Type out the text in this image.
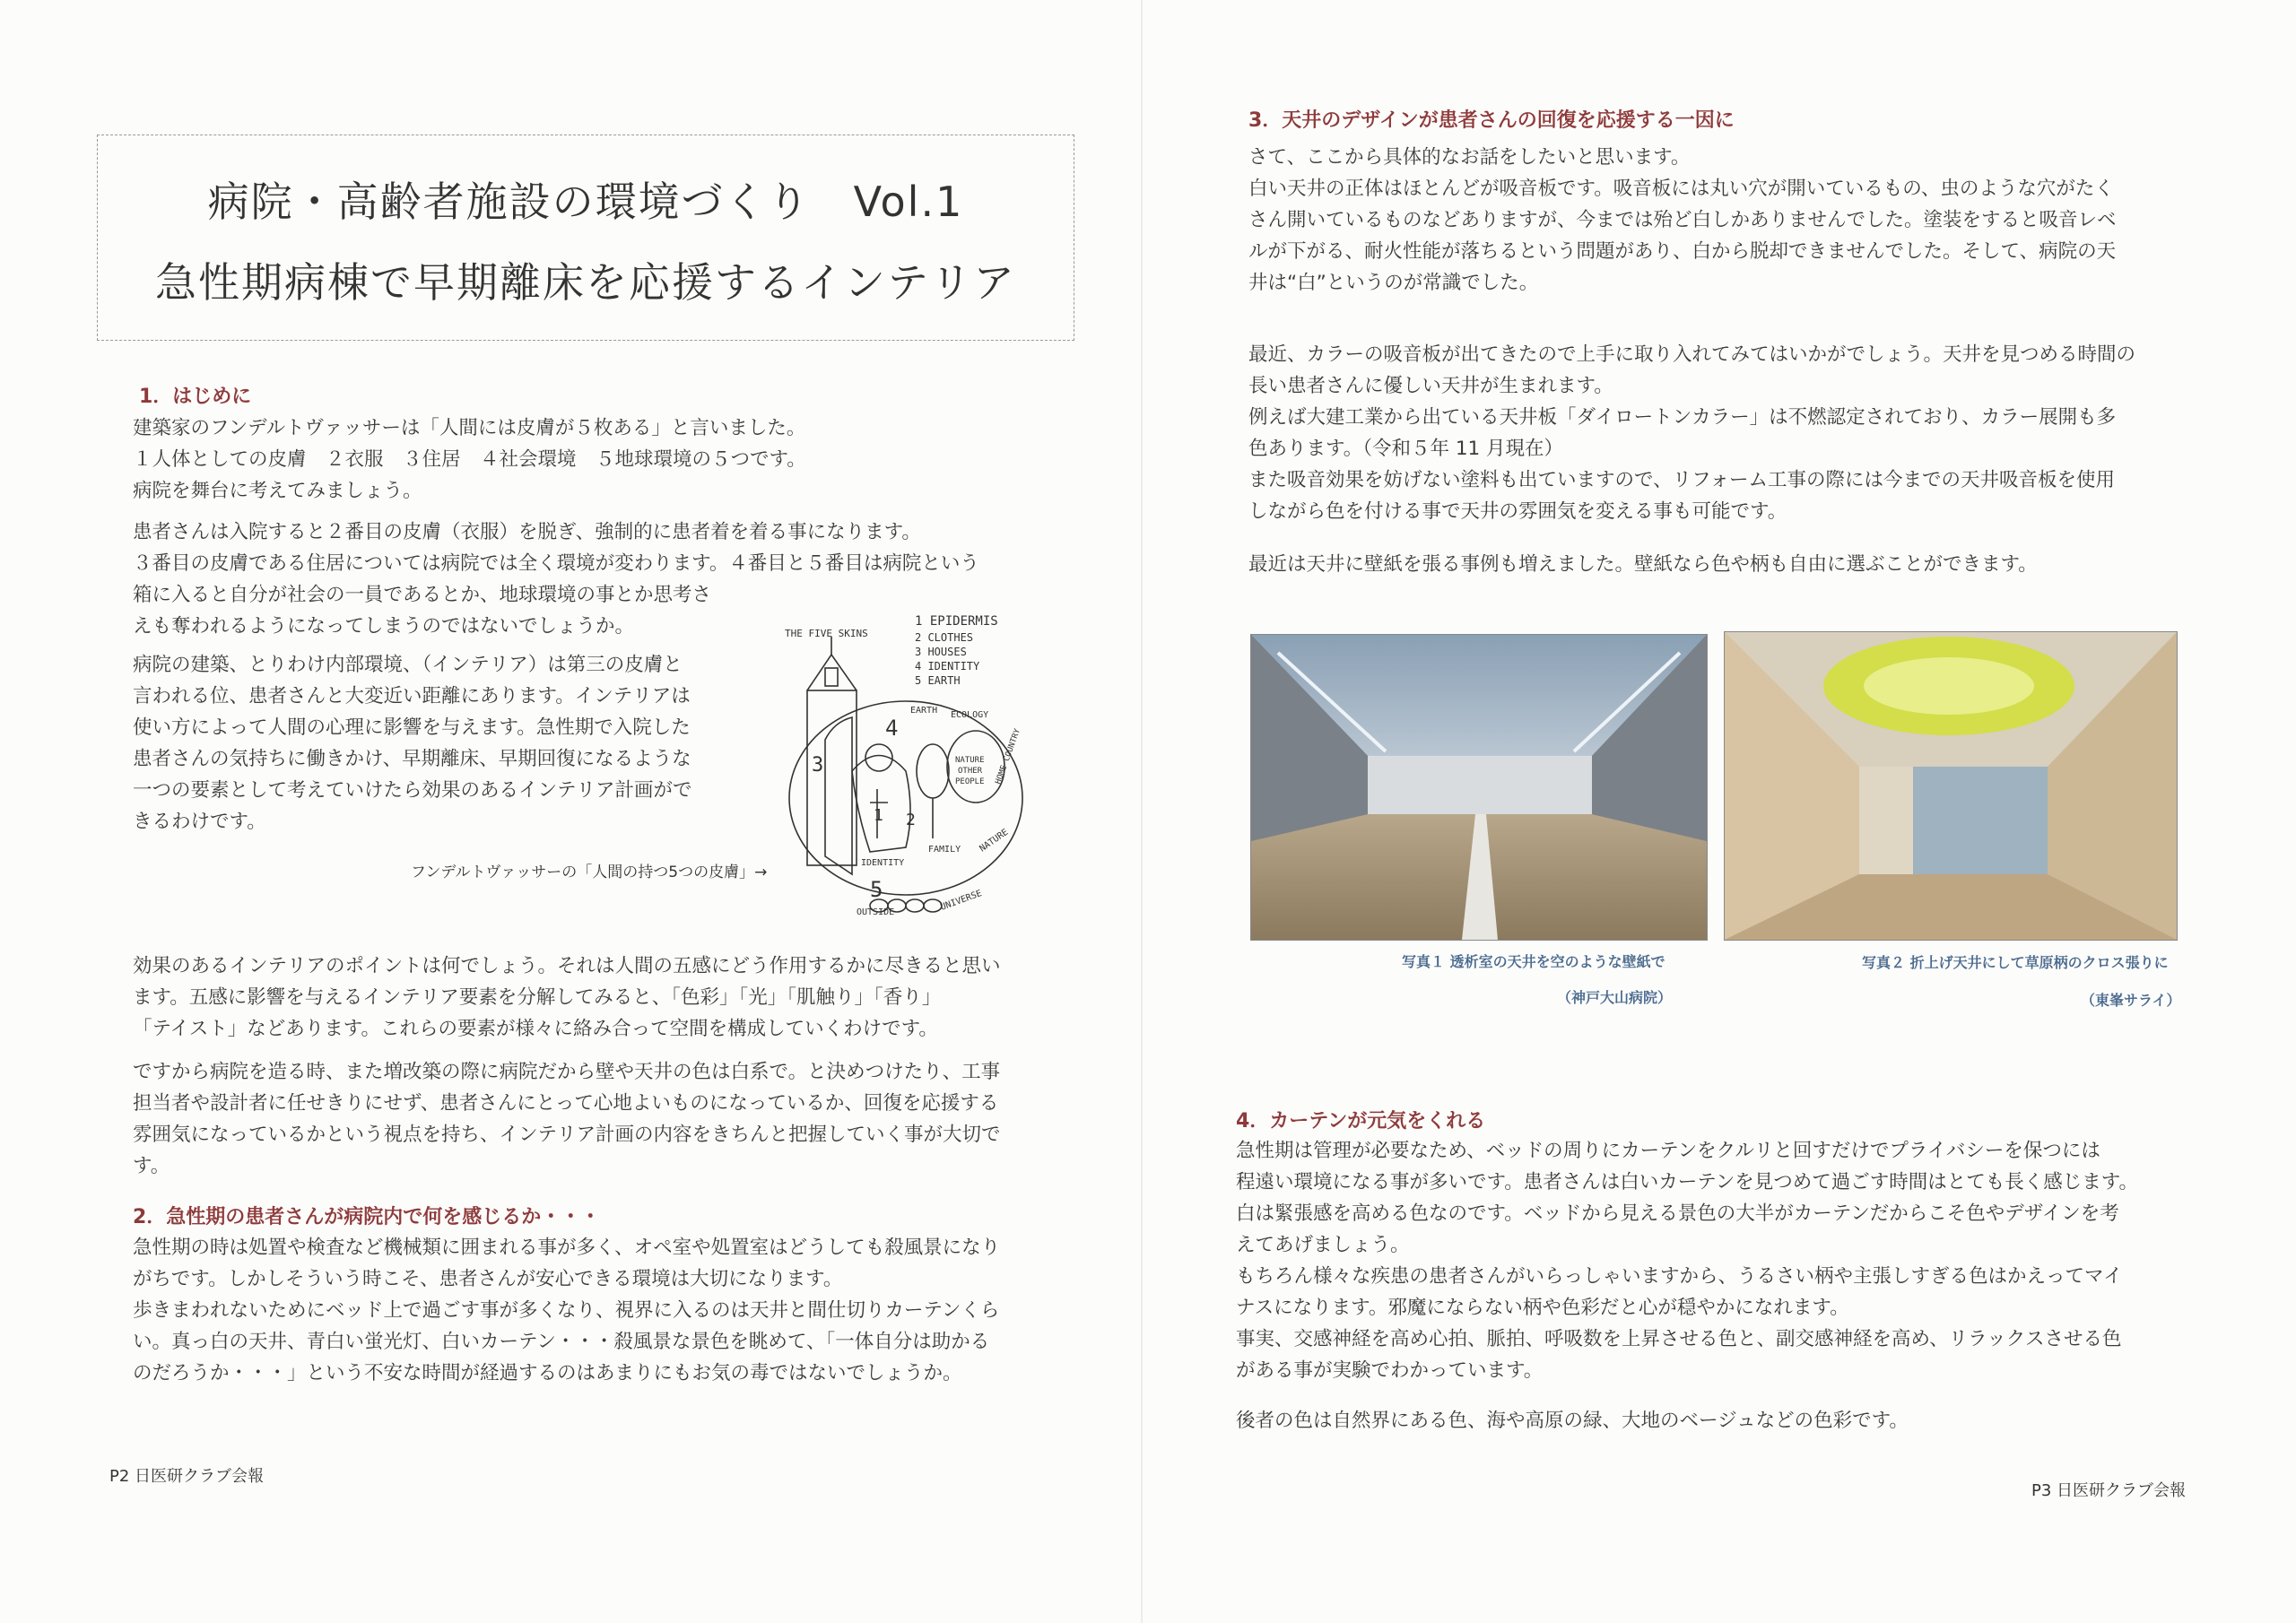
病院・高齢者施設の環境づくり　Vol.1
急性期病棟で早期離床を応援するインテリア
1．はじめに

建築家のフンデルトヴァッサーは「人間には皮膚が５枚ある」と言いました。
１人体としての皮膚　２衣服　３住居　４社会環境　５地球環境の５つです。
病院を舞台に考えてみましょう。

患者さんは入院すると２番目の皮膚（衣服）を脱ぎ、強制的に患者着を着る事になります。
３番目の皮膚である住居については病院では全く環境が変わります。４番目と５番目は病院という
箱に入ると自分が社会の一員であるとか、地球環境の事とか思考さ
えも奪われるようになってしまうのではないでしょうか。

病院の建築、とりわけ内部環境、（インテリア）は第三の皮膚と
言われる位、患者さんと大変近い距離にあります。インテリアは
使い方によって人間の心理に影響を与えます。急性期で入院した
患者さんの気持ちに働きかけ、早期離床、早期回復になるような
一つの要素として考えていけたら効果のあるインテリア計画がで
きるわけです。

THE FIVE SKINS
1 EPIDERMIS
2 CLOTHES
3 HOUSES
4 IDENTITY
5 EARTH
EARTH ECOLOGY
NATURE
OTHER
PEOPLE HOME COUNTRY
IDENTITY
FAMILY NATURE
OUTSIDE	UNIVERSE
1 2
3
4
5
フンデルトヴァッサーの「人間の持つ5つの皮膚」→

効果のあるインテリアのポイントは何でしょう。それは人間の五感にどう作用するかに尽きると思い
ます。五感に影響を与えるインテリア要素を分解してみると、「色彩」「光」「肌触り」「香り」
「テイスト」などあります。これらの要素が様々に絡み合って空間を構成していくわけです。

ですから病院を造る時、また増改築の際に病院だから壁や天井の色は白系で。と決めつけたり、工事
担当者や設計者に任せきりにせず、患者さんにとって心地よいものになっているか、回復を応援する
雰囲気になっているかという視点を持ち、インテリア計画の内容をきちんと把握していく事が大切で
す。

2．急性期の患者さんが病院内で何を感じるか・・・

急性期の時は処置や検査など機械類に囲まれる事が多く、オペ室や処置室はどうしても殺風景になり
がちです。しかしそういう時こそ、患者さんが安心できる環境は大切になります。
歩きまわれないためにベッド上で過ごす事が多くなり、視界に入るのは天井と間仕切りカーテンくら
い。真っ白の天井、青白い蛍光灯、白いカーテン・・・殺風景な景色を眺めて、「一体自分は助かる
のだろうか・・・」という不安な時間が経過するのはあまりにもお気の毒ではないでしょうか。

P2 日医研クラブ会報
3．天井のデザインが患者さんの回復を応援する一因に

さて、ここから具体的なお話をしたいと思います。
白い天井の正体はほとんどが吸音板です。吸音板には丸い穴が開いているもの、虫のような穴がたく
さん開いているものなどありますが、今までは殆ど白しかありませんでした。塗装をすると吸音レベ
ルが下がる、耐火性能が落ちるという問題があり、白から脱却できませんでした。そして、病院の天
井は“白”というのが常識でした。

最近、カラーの吸音板が出てきたので上手に取り入れてみてはいかがでしょう。天井を見つめる時間の
長い患者さんに優しい天井が生まれます。
例えば大建工業から出ている天井板「ダイロートンカラー」は不燃認定されており、カラー展開も多
色あります。（令和５年 11 月現在）
また吸音効果を妨げない塗料も出ていますので、リフォーム工事の際には今までの天井吸音板を使用
しながら色を付ける事で天井の雰囲気を変える事も可能です。

最近は天井に壁紙を張る事例も増えました。壁紙なら色や柄も自由に選ぶことができます。

写真１ 透析室の天井を空のような壁紙で
（神戸大山病院）
写真２ 折上げ天井にして草原柄のクロス張りに
（東峯サライ）
4．カーテンが元気をくれる

急性期は管理が必要なため、ベッドの周りにカーテンをクルリと回すだけでプライバシーを保つには
程遠い環境になる事が多いです。患者さんは白いカーテンを見つめて過ごす時間はとても長く感じます。
白は緊張感を高める色なのです。ベッドから見える景色の大半がカーテンだからこそ色やデザインを考
えてあげましょう。
もちろん様々な疾患の患者さんがいらっしゃいますから、うるさい柄や主張しすぎる色はかえってマイ
ナスになります。邪魔にならない柄や色彩だと心が穏やかになれます。
事実、交感神経を高め心拍、脈拍、呼吸数を上昇させる色と、副交感神経を高め、リラックスさせる色
がある事が実験でわかっています。

後者の色は自然界にある色、海や高原の緑、大地のベージュなどの色彩です。

P3 日医研クラブ会報
